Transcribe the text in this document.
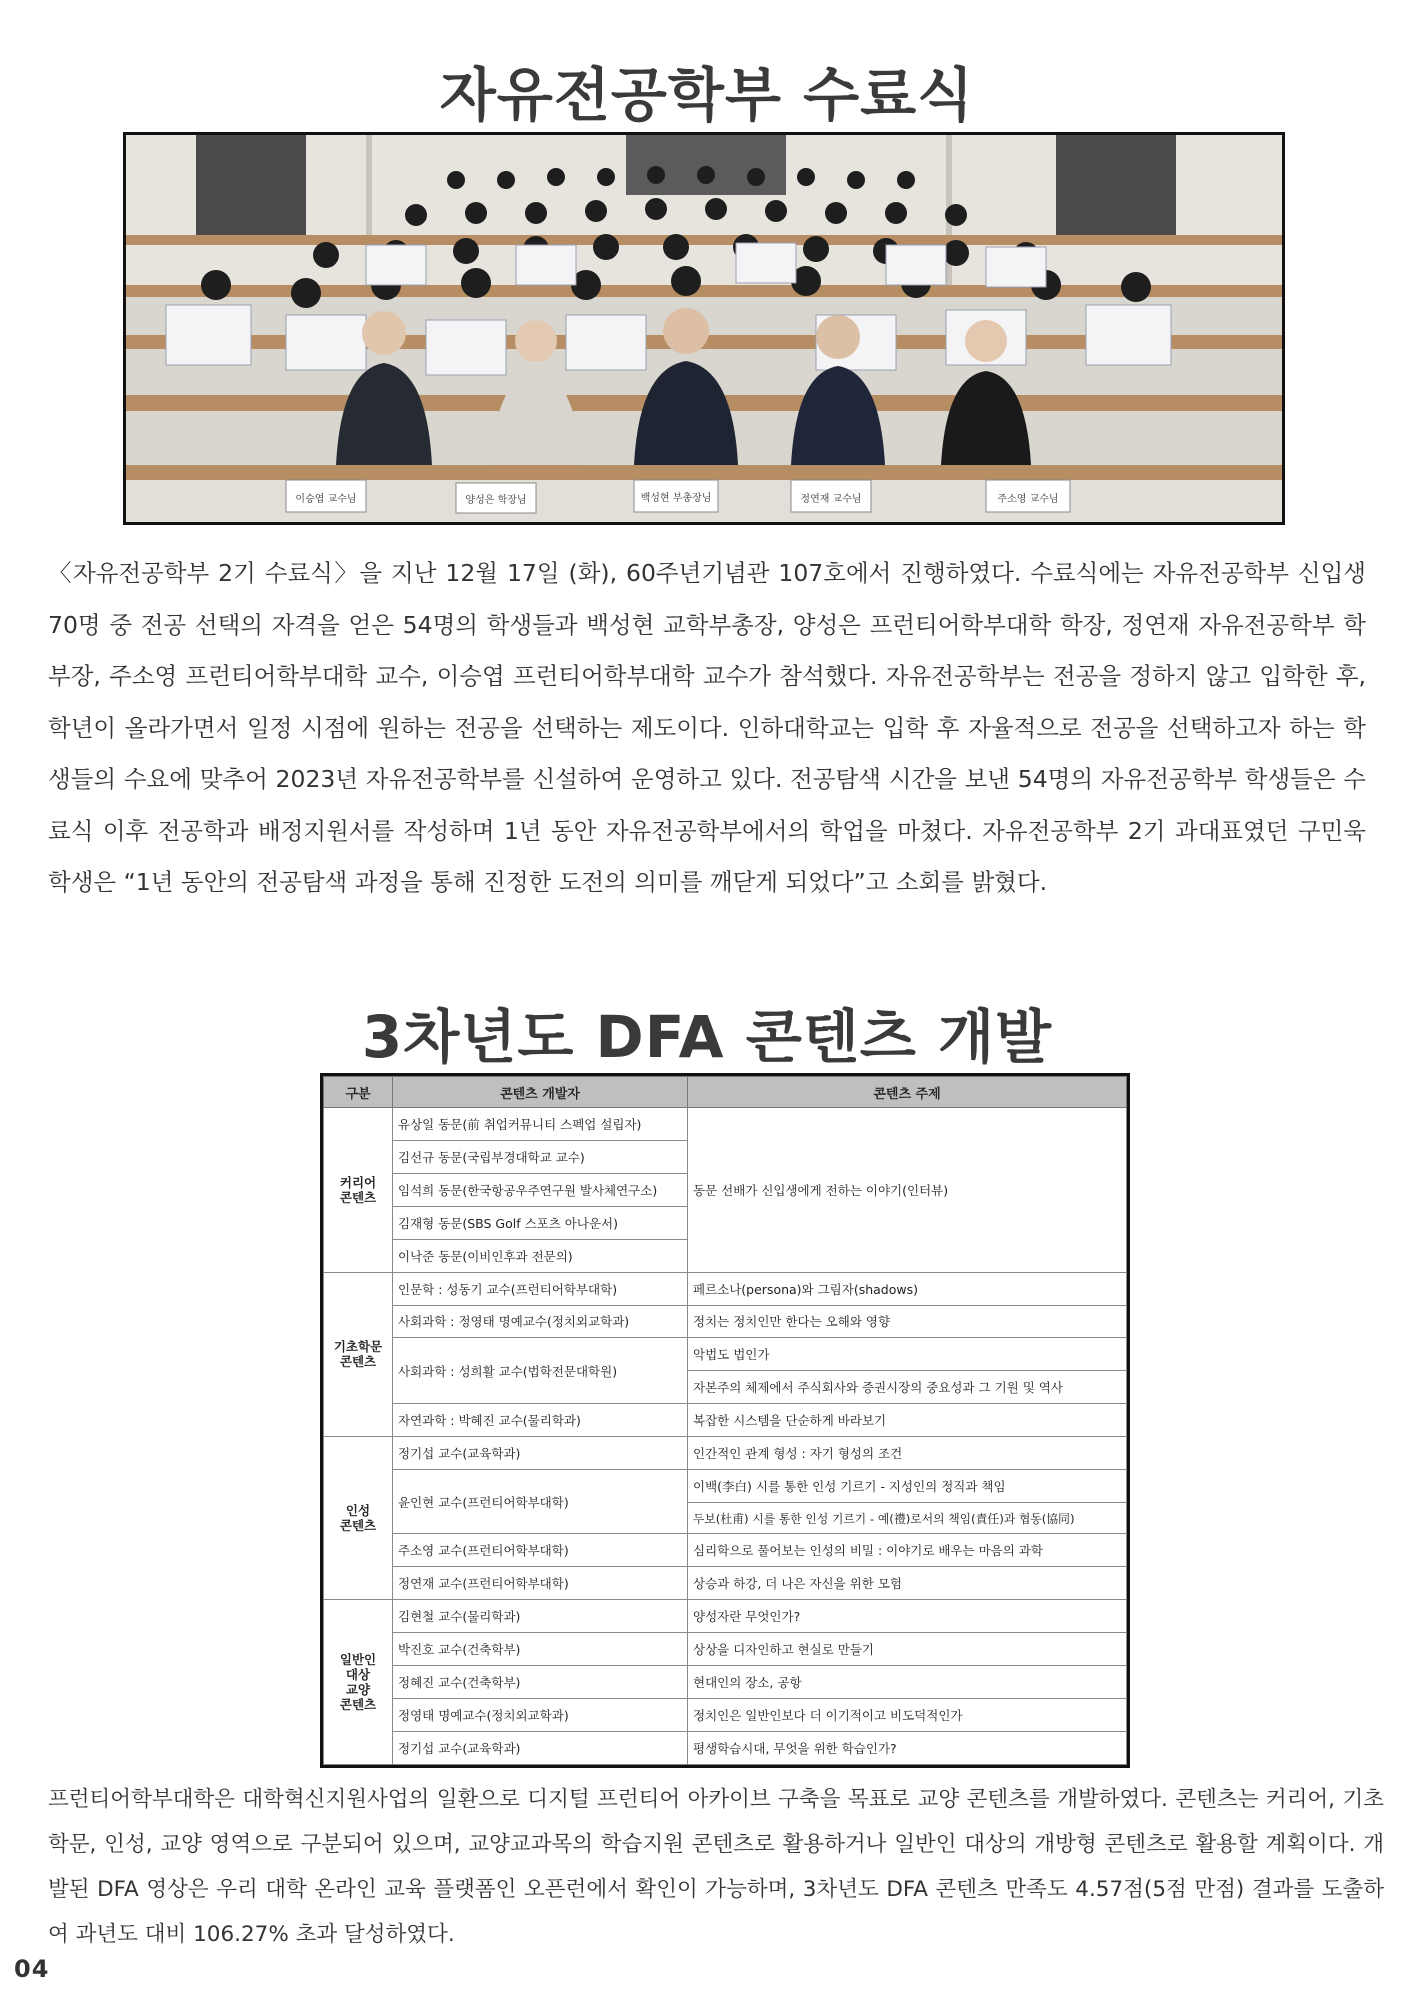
자유전공학부 수료식
이승엽 교수님	양성은 학장님	백성현 부총장님	정연재 교수님	주소영 교수님
〈자유전공학부 2기 수료식〉을 지난 12월 17일 (화), 60주년기념관 107호에서 진행하였다. 수료식에는 자유전공학부 신입생 70명 중 전공 선택의 자격을 얻은 54명의 학생들과 백성현 교학부총장, 양성은 프런티어학부대학 학장, 정연재 자유전공학부 학부장, 주소영 프런티어학부대학 교수, 이승엽 프런티어학부대학 교수가 참석했다. 자유전공학부는 전공을 정하지 않고 입학한 후, 학년이 올라가면서 일정 시점에 원하는 전공을 선택하는 제도이다. 인하대학교는 입학 후 자율적으로 전공을 선택하고자 하는 학생들의 수요에 맞추어 2023년 자유전공학부를 신설하여 운영하고 있다. 전공탐색 시간을 보낸 54명의 자유전공학부 학생들은 수료식 이후 전공학과 배정지원서를 작성하며 1년 동안 자유전공학부에서의 학업을 마쳤다. 자유전공학부 2기 과대표였던 구민욱 학생은 “1년 동안의 전공탐색 과정을 통해 진정한 도전의 의미를 깨닫게 되었다”고 소회를 밝혔다.
3차년도 DFA 콘텐츠 개발
구분	콘텐츠 개발자	콘텐츠 주제
커리어
콘텐츠	유상일 동문(前 취업커뮤니티 스펙업 설립자)	동문 선배가 신입생에게 전하는 이야기(인터뷰)
	김선규 동문(국립부경대학교 교수)	
	임석희 동문(한국항공우주연구원 발사체연구소)	
	김재형 동문(SBS Golf 스포츠 아나운서)	
	이낙준 동문(이비인후과 전문의)	
기초학문
콘텐츠	인문학 : 성동기 교수(프런티어학부대학)	페르소나(persona)와 그림자(shadows)
	사회과학 : 정영태 명예교수(정치외교학과)	정치는 정치인만 한다는 오해와 영향
	사회과학 : 성희활 교수(법학전문대학원)	악법도 법인가
		자본주의 체제에서 주식회사와 증권시장의 중요성과 그 기원 및 역사
	자연과학 : 박혜진 교수(물리학과)	복잡한 시스템을 단순하게 바라보기
인성
콘텐츠	정기섭 교수(교육학과)	인간적인 관계 형성 : 자기 형성의 조건
	윤인현 교수(프런티어학부대학)	이백(李白) 시를 통한 인성 기르기 - 지성인의 정직과 책임
		두보(杜甫) 시를 통한 인성 기르기 - 예(禮)로서의 책임(責任)과 협동(協同)
	주소영 교수(프런티어학부대학)	심리학으로 풀어보는 인성의 비밀 : 이야기로 배우는 마음의 과학
	정연재 교수(프런티어학부대학)	상승과 하강, 더 나은 자신을 위한 모험
일반인
대상
교양
콘텐츠	김현철 교수(물리학과)	양성자란 무엇인가?
	박진호 교수(건축학부)	상상을 디자인하고 현실로 만들기
	정혜진 교수(건축학부)	현대인의 장소, 공항
	정영태 명예교수(정치외교학과)	정치인은 일반인보다 더 이기적이고 비도덕적인가
	정기섭 교수(교육학과)	평생학습시대, 무엇을 위한 학습인가?
프런티어학부대학은 대학혁신지원사업의 일환으로 디지털 프런티어 아카이브 구축을 목표로 교양 콘텐츠를 개발하였다. 콘텐츠는 커리어, 기초학문, 인성, 교양 영역으로 구분되어 있으며, 교양교과목의 학습지원 콘텐츠로 활용하거나 일반인 대상의 개방형 콘텐츠로 활용할 계획이다. 개발된 DFA 영상은 우리 대학 온라인 교육 플랫폼인 오픈런에서 확인이 가능하며, 3차년도 DFA 콘텐츠 만족도 4.57점(5점 만점) 결과를 도출하여 과년도 대비 106.27% 초과 달성하였다.
04
